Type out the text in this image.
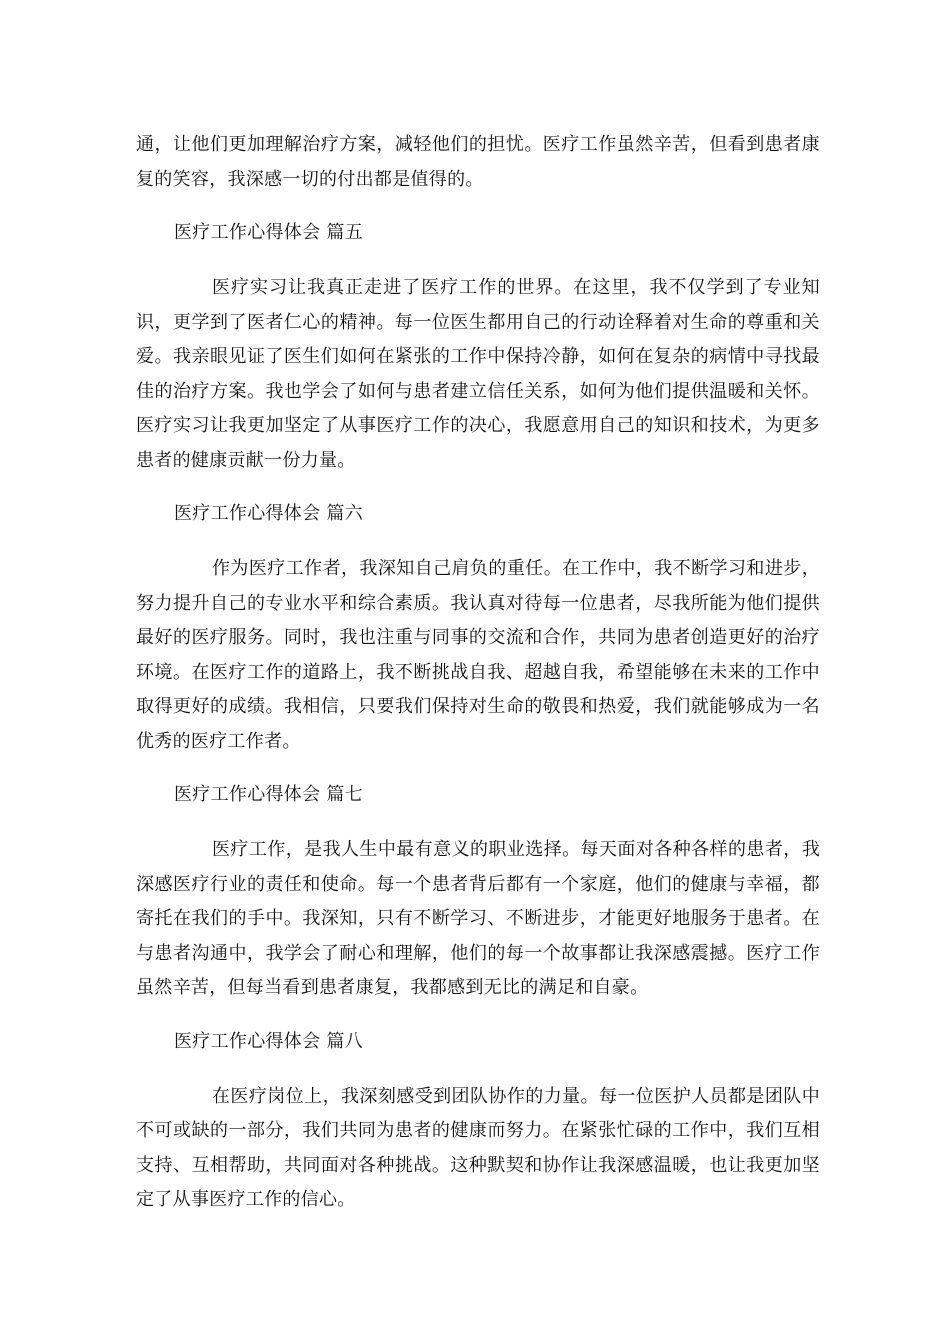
通，让他们更加理解治疗方案，减轻他们的担忧。医疗工作虽然辛苦，但看到患者康复的笑容，我深感一切的付出都是值得的。

医疗工作心得体会 篇五

医疗实习让我真正走进了医疗工作的世界。在这里，我不仅学到了专业知识，更学到了医者仁心的精神。每一位医生都用自己的行动诠释着对生命的尊重和关爱。我亲眼见证了医生们如何在紧张的工作中保持冷静，如何在复杂的病情中寻找最佳的治疗方案。我也学会了如何与患者建立信任关系，如何为他们提供温暖和关怀。医疗实习让我更加坚定了从事医疗工作的决心，我愿意用自己的知识和技术，为更多患者的健康贡献一份力量。

医疗工作心得体会 篇六

作为医疗工作者，我深知自己肩负的重任。在工作中，我不断学习和进步，努力提升自己的专业水平和综合素质。我认真对待每一位患者，尽我所能为他们提供最好的医疗服务。同时，我也注重与同事的交流和合作，共同为患者创造更好的治疗环境。在医疗工作的道路上，我不断挑战自我、超越自我，希望能够在未来的工作中取得更好的成绩。我相信，只要我们保持对生命的敬畏和热爱，我们就能够成为一名优秀的医疗工作者。

医疗工作心得体会 篇七

医疗工作，是我人生中最有意义的职业选择。每天面对各种各样的患者，我深感医疗行业的责任和使命。每一个患者背后都有一个家庭，他们的健康与幸福，都寄托在我们的手中。我深知，只有不断学习、不断进步，才能更好地服务于患者。在与患者沟通中，我学会了耐心和理解，他们的每一个故事都让我深感震撼。医疗工作虽然辛苦，但每当看到患者康复，我都感到无比的满足和自豪。

医疗工作心得体会 篇八

在医疗岗位上，我深刻感受到团队协作的力量。每一位医护人员都是团队中不可或缺的一部分，我们共同为患者的健康而努力。在紧张忙碌的工作中，我们互相支持、互相帮助，共同面对各种挑战。这种默契和协作让我深感温暖，也让我更加坚定了从事医疗工作的信心。
